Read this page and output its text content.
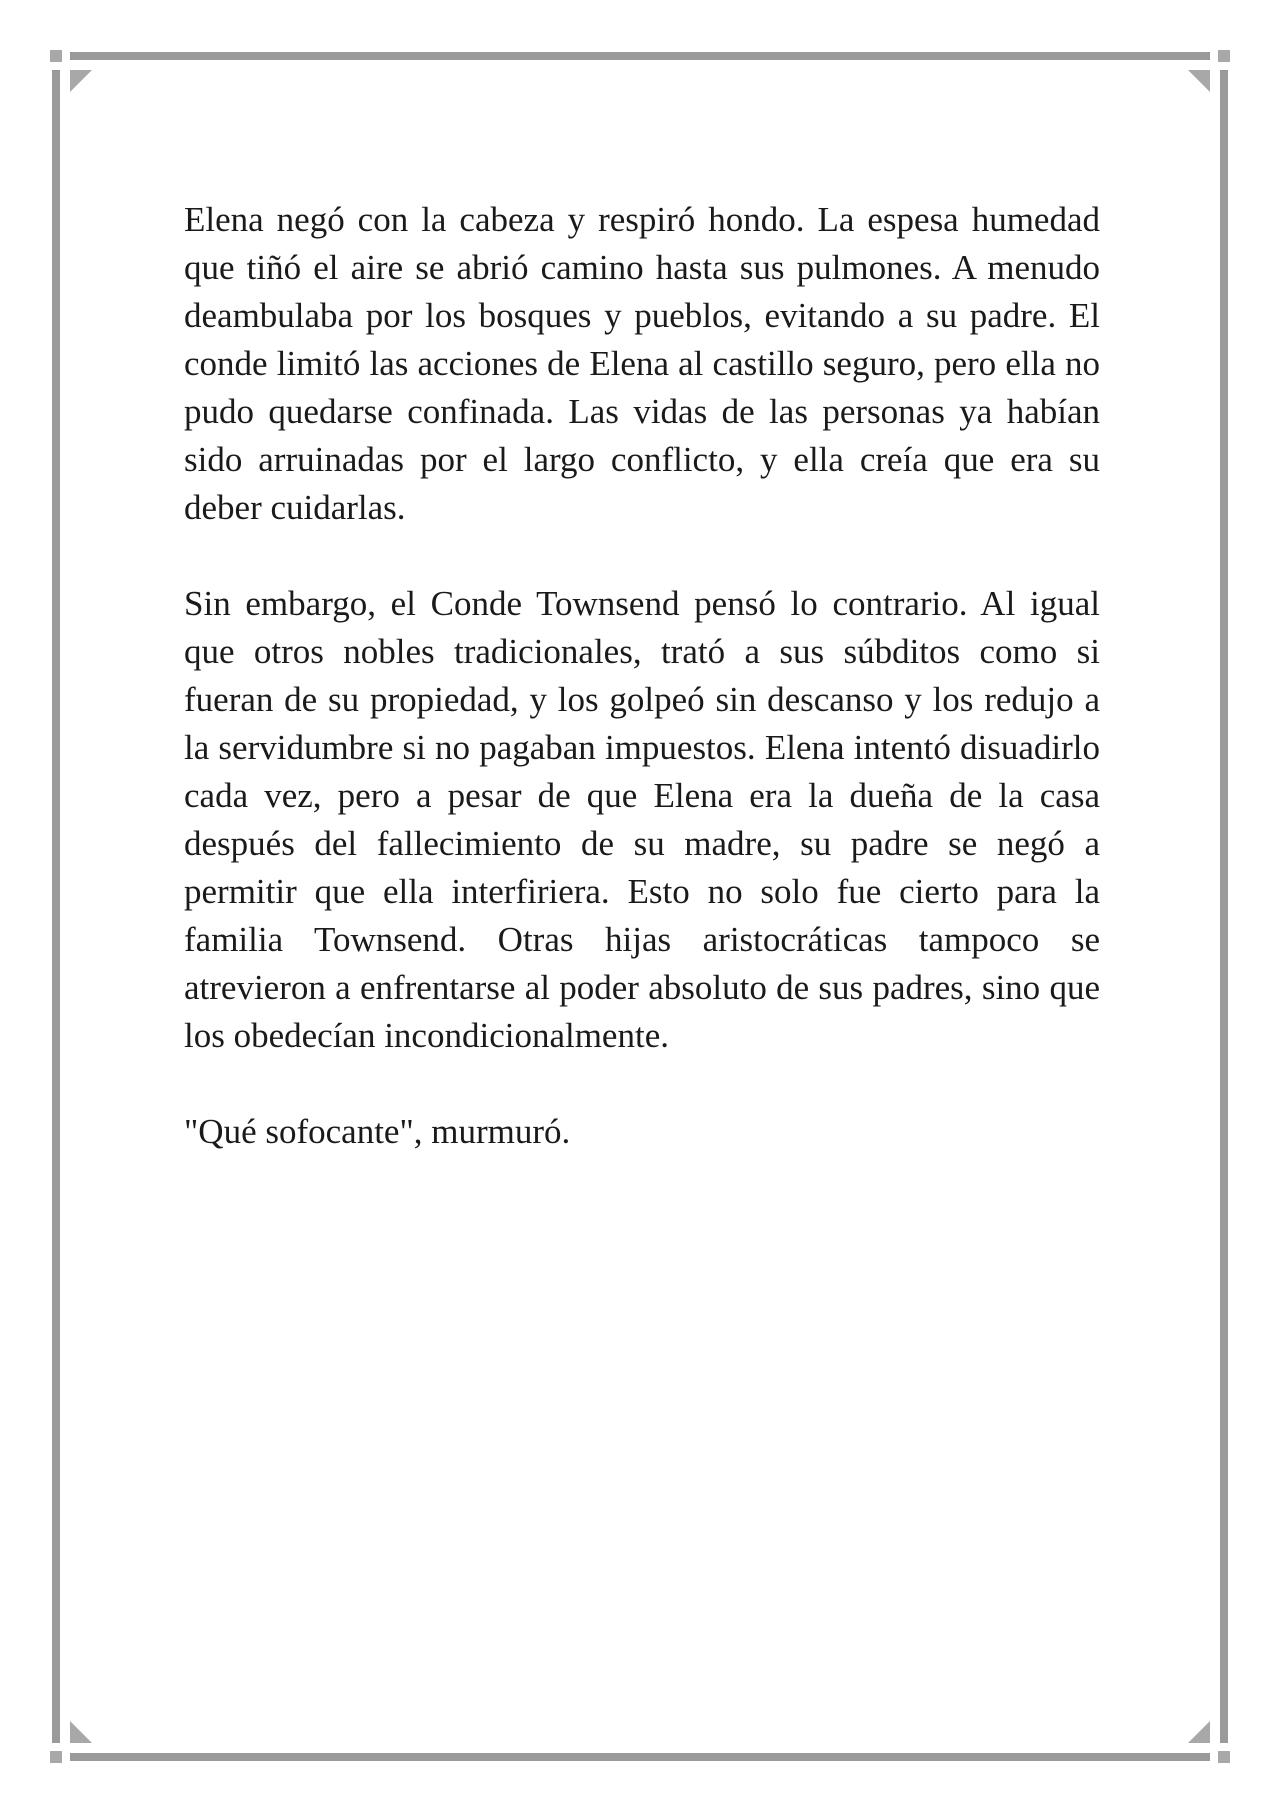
Elena negó con la cabeza y respiró hondo. La espesa humedad que tiñó el aire se abrió camino hasta sus pulmones. A menudo deambulaba por los bosques y pueblos, evitando a su padre. El conde limitó las acciones de Elena al castillo seguro, pero ella no pudo quedarse confinada. Las vidas de las personas ya habían sido arruinadas por el largo conflicto, y ella creía que era su deber cuidarlas.

Sin embargo, el Conde Townsend pensó lo contrario. Al igual que otros nobles tradicionales, trató a sus súbditos como si fueran de su propiedad, y los golpeó sin descanso y los redujo a la servidumbre si no pagaban impuestos. Elena intentó disuadirlo cada vez, pero a pesar de que Elena era la dueña de la casa después del fallecimiento de su madre, su padre se negó a permitir que ella interfiriera. Esto no solo fue cierto para la familia Townsend. Otras hijas aristocráticas tampoco se atrevieron a enfrentarse al poder absoluto de sus padres, sino que los obedecían incondicionalmente.

"Qué sofocante", murmuró.
